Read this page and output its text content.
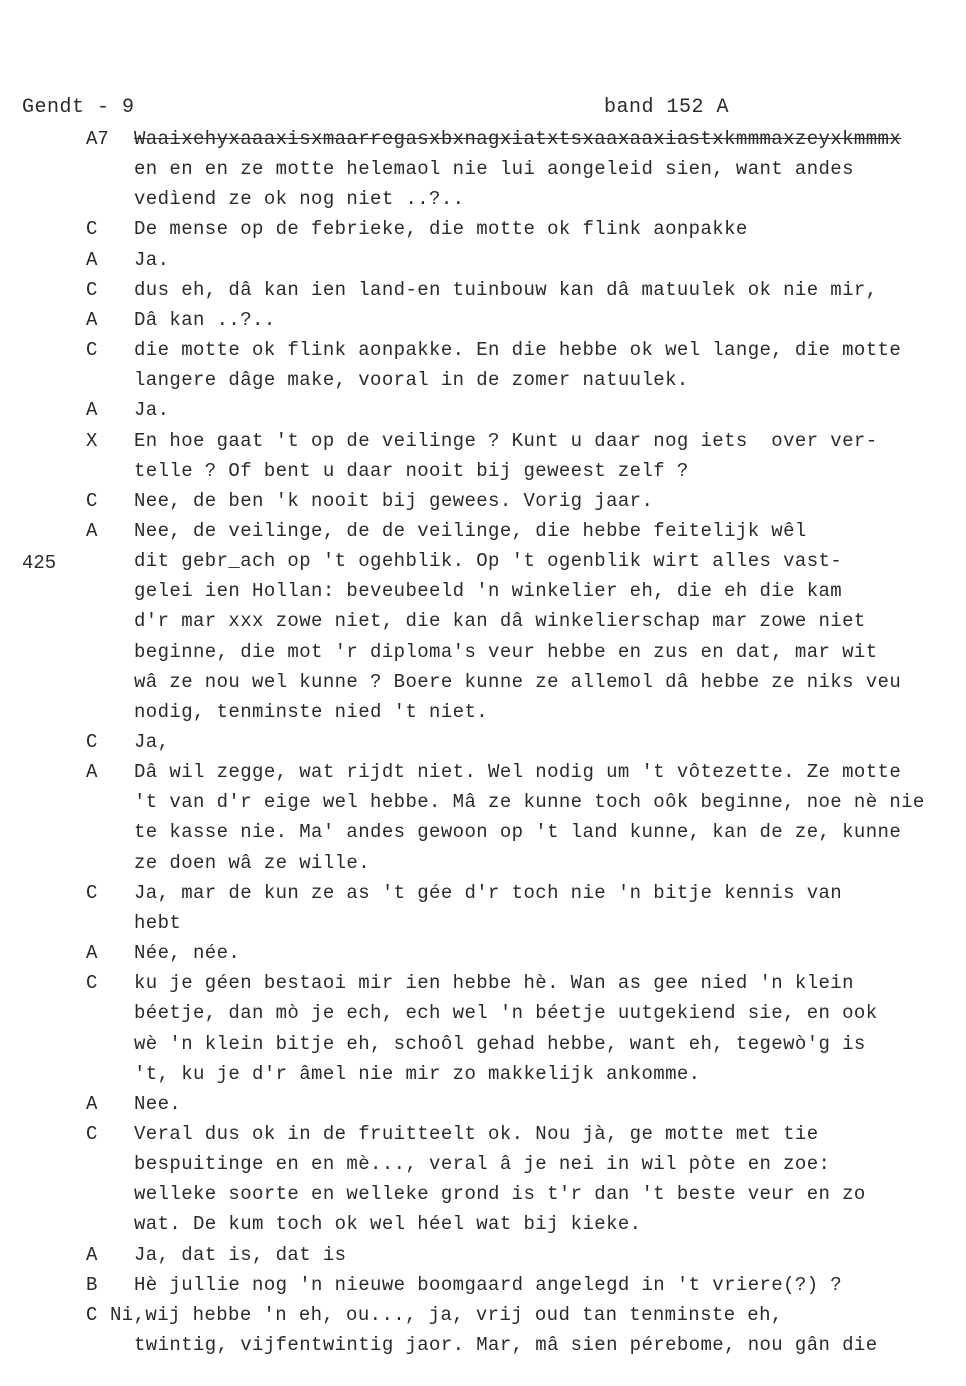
Gendt - 9	band 152 A
425
A7 Waaixehyxaaaxisxmaarregasxbxnagxiatxtsxaaxaaxiastxkmmmaxzeyxkmmmx
en en en ze motte helemaol nie lui aongeleid sien, want andes
vedìend ze ok nog niet ..?..
C De mense op de febrieke, die motte ok flink aonpakke
A Ja.
C dus eh, dâ kan ien land-en tuinbouw kan dâ matuulek ok nie mir,
A Dâ kan ..?..
C die motte ok flink aonpakke. En die hebbe ok wel lange, die motte
langere dâge make, vooral in de zomer natuulek.
A Ja.
X En hoe gaat 't op de veilinge ? Kunt u daar nog iets  over ver-
telle ? Of bent u daar nooit bij geweest zelf ?
C Nee, de ben 'k nooit bij gewees. Vorig jaar.
A Nee, de veilinge, de de veilinge, die hebbe feitelijk wêl
dit gebr_ach op 't ogehblik. Op 't ogenblik wirt alles vast-
gelei ien Hollan: beveubeeld 'n winkelier eh, die eh die kam
d'r mar xxx zowe niet, die kan dâ winkelierschap mar zowe niet
beginne, die mot 'r diploma's veur hebbe en zus en dat, mar wit
wâ ze nou wel kunne ? Boere kunne ze allemol dâ hebbe ze niks veu
nodig, tenminste nied 't niet.
C Ja,
A Dâ wil zegge, wat rijdt niet. Wel nodig um 't vôtezette. Ze motte
't van d'r eige wel hebbe. Mâ ze kunne toch oôk beginne, noe nè nie
te kasse nie. Ma' andes gewoon op 't land kunne, kan de ze, kunne
ze doen wâ ze wille.
C Ja, mar de kun ze as 't gée d'r toch nie 'n bitje kennis van
hebt
A Née, née.
C ku je géen bestaoi mir ien hebbe hè. Wan as gee nied 'n klein
béetje, dan mò je ech, ech wel 'n béetje uutgekiend sie, en ook
wè 'n klein bitje eh, schoôl gehad hebbe, want eh, tegewò'g is
't, ku je d'r âmel nie mir zo makkelijk ankomme.
A Nee.
C Veral dus ok in de fruitteelt ok. Nou jà, ge motte met tie
bespuitinge en en mè..., veral â je nei in wil pòte en zoe:
welleke soorte en welleke grond is t'r dan 't beste veur en zo
wat. De kum toch ok wel héel wat bij kieke.
A Ja, dat is, dat is
B Hè jullie nog 'n nieuwe boomgaard angelegd in 't vriere(?) ?
C Ni,wij hebbe 'n eh, ou..., ja, vrij oud tan tenminste eh,
twintig, vijfentwintig jaor. Mar, mâ sien pérebome, nou gân die
